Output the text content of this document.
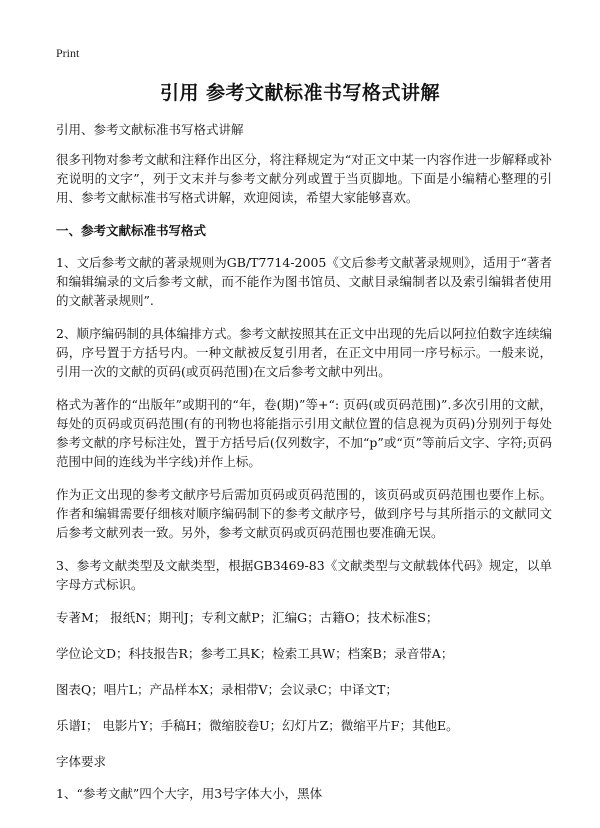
Print
引用 参考文献标准书写格式讲解

引用、参考文献标准书写格式讲解

很多刊物对参考文献和注释作出区分，将注释规定为“对正文中某一内容作进一步解释或补充说明的文字”，列于文末并与参考文献分列或置于当页脚地。下面是小编精心整理的引用、参考文献标准书写格式讲解，欢迎阅读，希望大家能够喜欢。

一、参考文献标准书写格式

1、文后参考文献的著录规则为GB/T7714-2005《文后参考文献著录规则》，适用于“著者和编辑编录的文后参考文献，而不能作为图书馆员、文献目录编制者以及索引编辑者使用的文献著录规则”.

2、顺序编码制的具体编排方式。参考文献按照其在正文中出现的先后以阿拉伯数字连续编码，序号置于方括号内。一种文献被反复引用者，在正文中用同一序号标示。一般来说，引用一次的文献的页码(或页码范围)在文后参考文献中列出。

格式为著作的“出版年”或期刊的“年，卷(期)”等+“: 页码(或页码范围)”.多次引用的文献，每处的页码或页码范围(有的刊物也将能指示引用文献位置的信息视为页码)分别列于每处参考文献的序号标注处，置于方括号后(仅列数字，不加“p”或“页”等前后文字、字符;页码范围中间的连线为半字线)并作上标。

作为正文出现的参考文献序号后需加页码或页码范围的，该页码或页码范围也要作上标。作者和编辑需要仔细核对顺序编码制下的参考文献序号，做到序号与其所指示的文献同文后参考文献列表一致。另外，参考文献页码或页码范围也要准确无误。

3、参考文献类型及文献类型，根据GB3469-83《文献类型与文献载体代码》规定，以单字母方式标识。

专著M； 报纸N；期刊J；专利文献P；汇编G；古籍O；技术标准S；

学位论文D；科技报告R；参考工具K；检索工具W；档案B；录音带A；

图表Q；唱片L；产品样本X；录相带V；会议录C；中译文T；

乐谱I； 电影片Y；手稿H；微缩胶卷U；幻灯片Z；微缩平片F；其他E。

字体要求

1、“参考文献”四个大字，用3号字体大小，黑体
